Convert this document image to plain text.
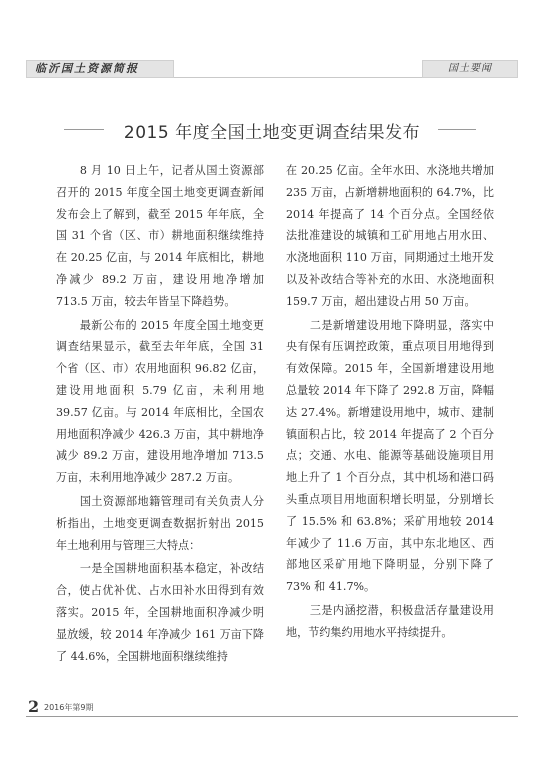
临沂国土资源简报	国土要闻
2015 年度全国土地变更调查结果发布

8 月 10 日上午，记者从国土资源部召开的 2015 年度全国土地变更调查新闻发布会上了解到，截至 2015 年年底，全国 31 个省（区、市）耕地面积继续维持在 20.25 亿亩，与 2014 年底相比，耕地净减少 89.2 万亩，建设用地净增加 713.5 万亩，较去年皆呈下降趋势。

最新公布的 2015 年度全国土地变更调查结果显示，截至去年年底，全国 31 个省（区、市）农用地面积 96.82 亿亩，建设用地面积 5.79 亿亩，未利用地 39.57 亿亩。与 2014 年底相比，全国农用地面积净减少 426.3 万亩，其中耕地净减少 89.2 万亩，建设用地净增加 713.5 万亩，未利用地净减少 287.2 万亩。

国土资源部地籍管理司有关负责人分析指出，土地变更调查数据折射出 2015 年土地利用与管理三大特点：

一是全国耕地面积基本稳定，补改结合，使占优补优、占水田补水田得到有效落实。2015 年，全国耕地面积净减少明显放缓，较 2014 年净减少 161 万亩下降了 44.6%，全国耕地面积继续维持

在 20.25 亿亩。全年水田、水浇地共增加 235 万亩，占新增耕地面积的 64.7%，比 2014 年提高了 14 个百分点。全国经依法批准建设的城镇和工矿用地占用水田、水浇地面积 110 万亩，同期通过土地开发以及补改结合等补充的水田、水浇地面积 159.7 万亩，超出建设占用 50 万亩。

二是新增建设用地下降明显，落实中央有保有压调控政策，重点项目用地得到有效保障。2015 年，全国新增建设用地总量较 2014 年下降了 292.8 万亩，降幅达 27.4%。新增建设用地中，城市、建制镇面积占比，较 2014 年提高了 2 个百分点；交通、水电、能源等基础设施项目用地上升了 1 个百分点，其中机场和港口码头重点项目用地面积增长明显，分别增长了 15.5% 和 63.8%；采矿用地较 2014 年减少了 11.6 万亩，其中东北地区、西部地区采矿用地下降明显，分别下降了 73% 和 41.7%。

三是内涵挖潜，积极盘活存量建设用地，节约集约用地水平持续提升。

2 2016年第9期
